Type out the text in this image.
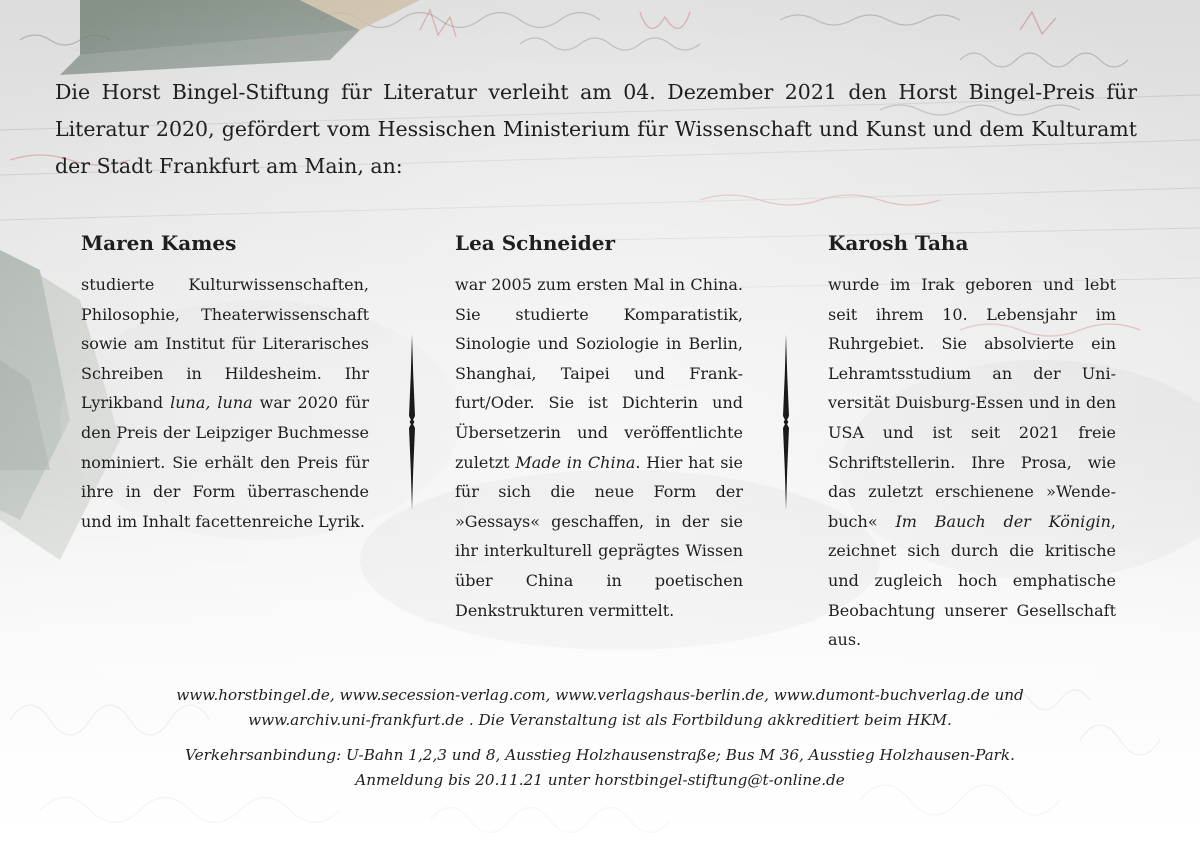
Die Horst Bingel-Stiftung für Literatur verleiht am 04. Dezember 2021 den Horst Bingel-Preis für Literatur 2020, gefördert vom Hessischen Ministerium für Wissenschaft und Kunst und dem Kulturamt der Stadt Frankfurt am Main, an:

Maren Kames

studierte Kulturwissenschaften, Philosophie, Theaterwissenschaft sowie am Institut für Literarisches Schreiben in Hildesheim. Ihr Lyrikband luna, luna war 2020 für den Preis der Leipziger Buchmesse nominiert. Sie erhält den Preis für ihre in der Form überraschende und im Inhalt facettenreiche Lyrik.

Lea Schneider

war 2005 zum ersten Mal in China. Sie studierte Komparatistik, Sinologie und Soziologie in Berlin, Shanghai, Taipei und Frankfurt/Oder. Sie ist Dichterin und Übersetzerin und veröffentlichte zuletzt Made in China. Hier hat sie für sich die neue Form der »Gessays« geschaffen, in der sie ihr interkulturell geprägtes Wissen über China in poetischen Denkstrukturen vermittelt.

Karosh Taha

wurde im Irak geboren und lebt seit ihrem 10. Lebensjahr im Ruhrgebiet. Sie absolvierte ein Lehramtsstudium an der Universität Duisburg-Essen und in den USA und ist seit 2021 freie Schriftstellerin. Ihre Prosa, wie das zuletzt erschienene »Wendebuch« Im Bauch der Königin, zeichnet sich durch die kritische und zugleich hoch emphatische Beobachtung unserer Gesellschaft aus.

www.horstbingel.de, www.secession-verlag.com, www.verlagshaus-berlin.de, www.dumont-buchverlag.de und

www.archiv.uni-frankfurt.de . Die Veranstaltung ist als Fortbildung akkreditiert beim HKM.

Verkehrsanbindung: U-Bahn 1,2,3 und 8, Ausstieg Holzhausenstraße; Bus M 36, Ausstieg Holzhausen-Park.

Anmeldung bis 20.11.21 unter horstbingel-stiftung@t-online.de
